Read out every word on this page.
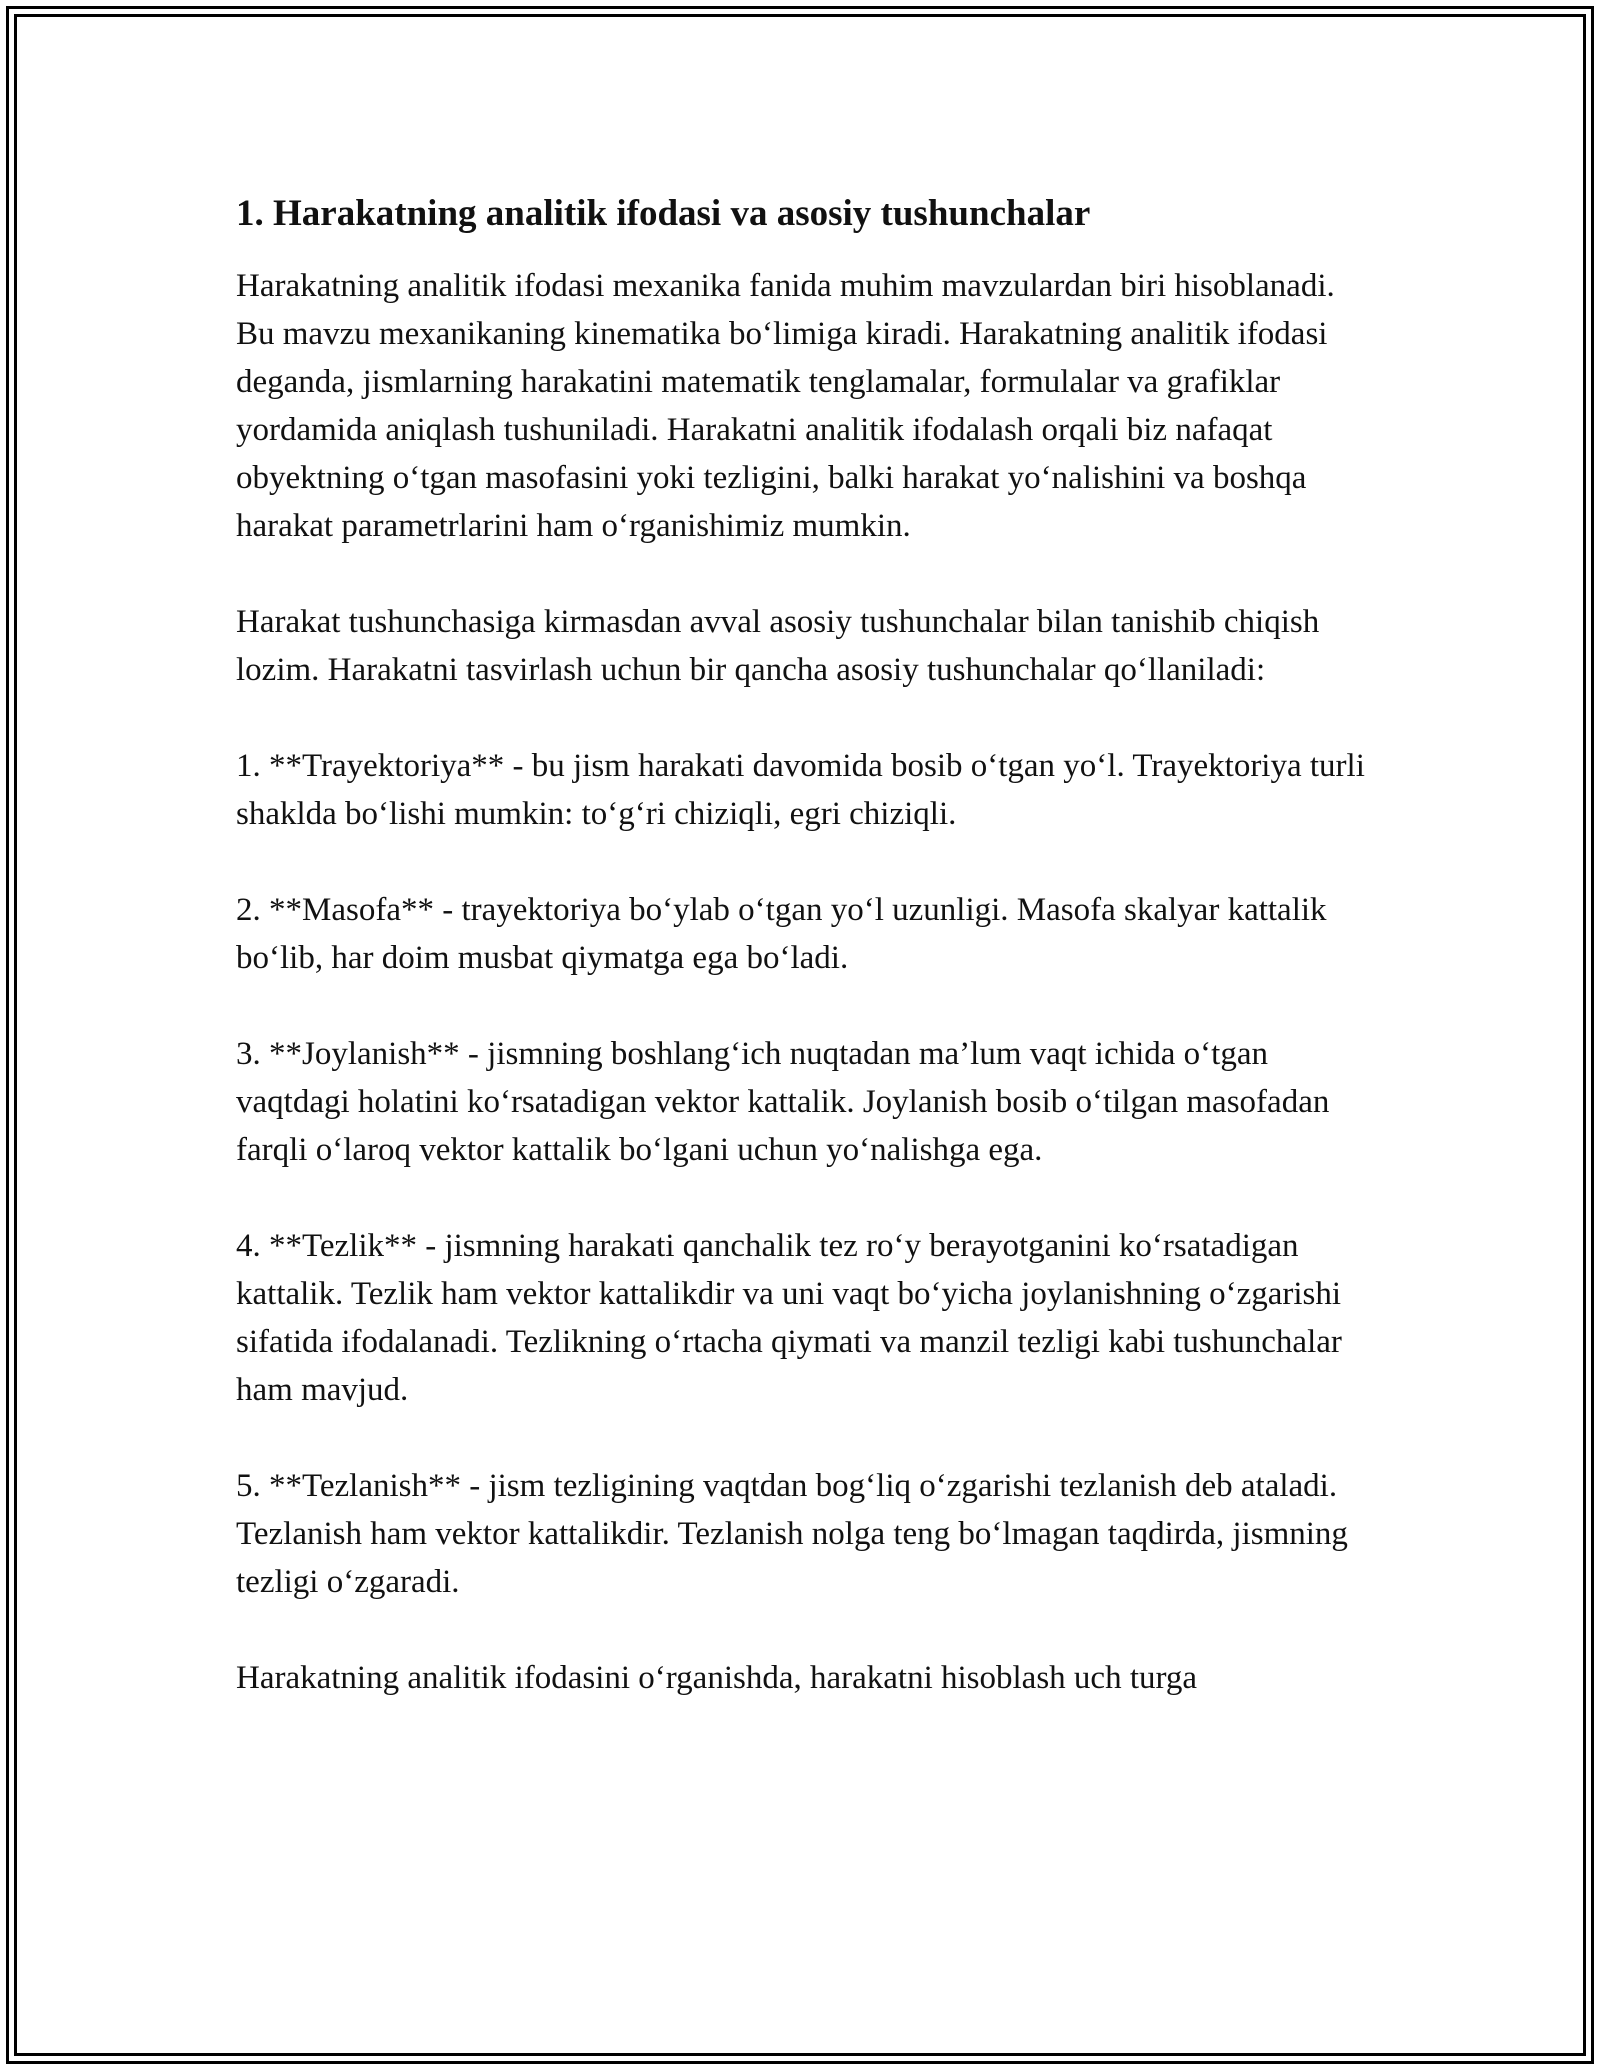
1. Harakatning analitik ifodasi va asosiy tushunchalar

Harakatning analitik ifodasi mexanika fanida muhim mavzulardan biri hisoblanadi. Bu mavzu mexanikaning kinematika boʻlimiga kiradi. Harakatning analitik ifodasi deganda, jismlarning harakatini matematik tenglamalar, formulalar va grafiklar yordamida aniqlash tushuniladi. Harakatni analitik ifodalash orqali biz nafaqat obyektning oʻtgan masofasini yoki tezligini, balki harakat yoʻnalishini va boshqa harakat parametrlarini ham oʻrganishimiz mumkin.

Harakat tushunchasiga kirmasdan avval asosiy tushunchalar bilan tanishib chiqish lozim. Harakatni tasvirlash uchun bir qancha asosiy tushunchalar qoʻllaniladi:

1. **Trayektoriya** - bu jism harakati davomida bosib oʻtgan yoʻl. Trayektoriya turli shaklda boʻlishi mumkin: toʻgʻri chiziqli, egri chiziqli.

2. **Masofa** - trayektoriya boʻylab oʻtgan yoʻl uzunligi. Masofa skalyar kattalik boʻlib, har doim musbat qiymatga ega boʻladi.

3. **Joylanish** - jismning boshlangʻich nuqtadan ma’lum vaqt ichida oʻtgan vaqtdagi holatini koʻrsatadigan vektor kattalik. Joylanish bosib oʻtilgan masofadan farqli oʻlaroq vektor kattalik boʻlgani uchun yoʻnalishga ega.

4. **Tezlik** - jismning harakati qanchalik tez roʻy berayotganini koʻrsatadigan kattalik. Tezlik ham vektor kattalikdir va uni vaqt boʻyicha joylanishning oʻzgarishi sifatida ifodalanadi. Tezlikning oʻrtacha qiymati va manzil tezligi kabi tushunchalar ham mavjud.

5. **Tezlanish** - jism tezligining vaqtdan bogʻliq oʻzgarishi tezlanish deb ataladi. Tezlanish ham vektor kattalikdir. Tezlanish nolga teng boʻlmagan taqdirda, jismning tezligi oʻzgaradi.

Harakatning analitik ifodasini oʻrganishda, harakatni hisoblash uch turga
